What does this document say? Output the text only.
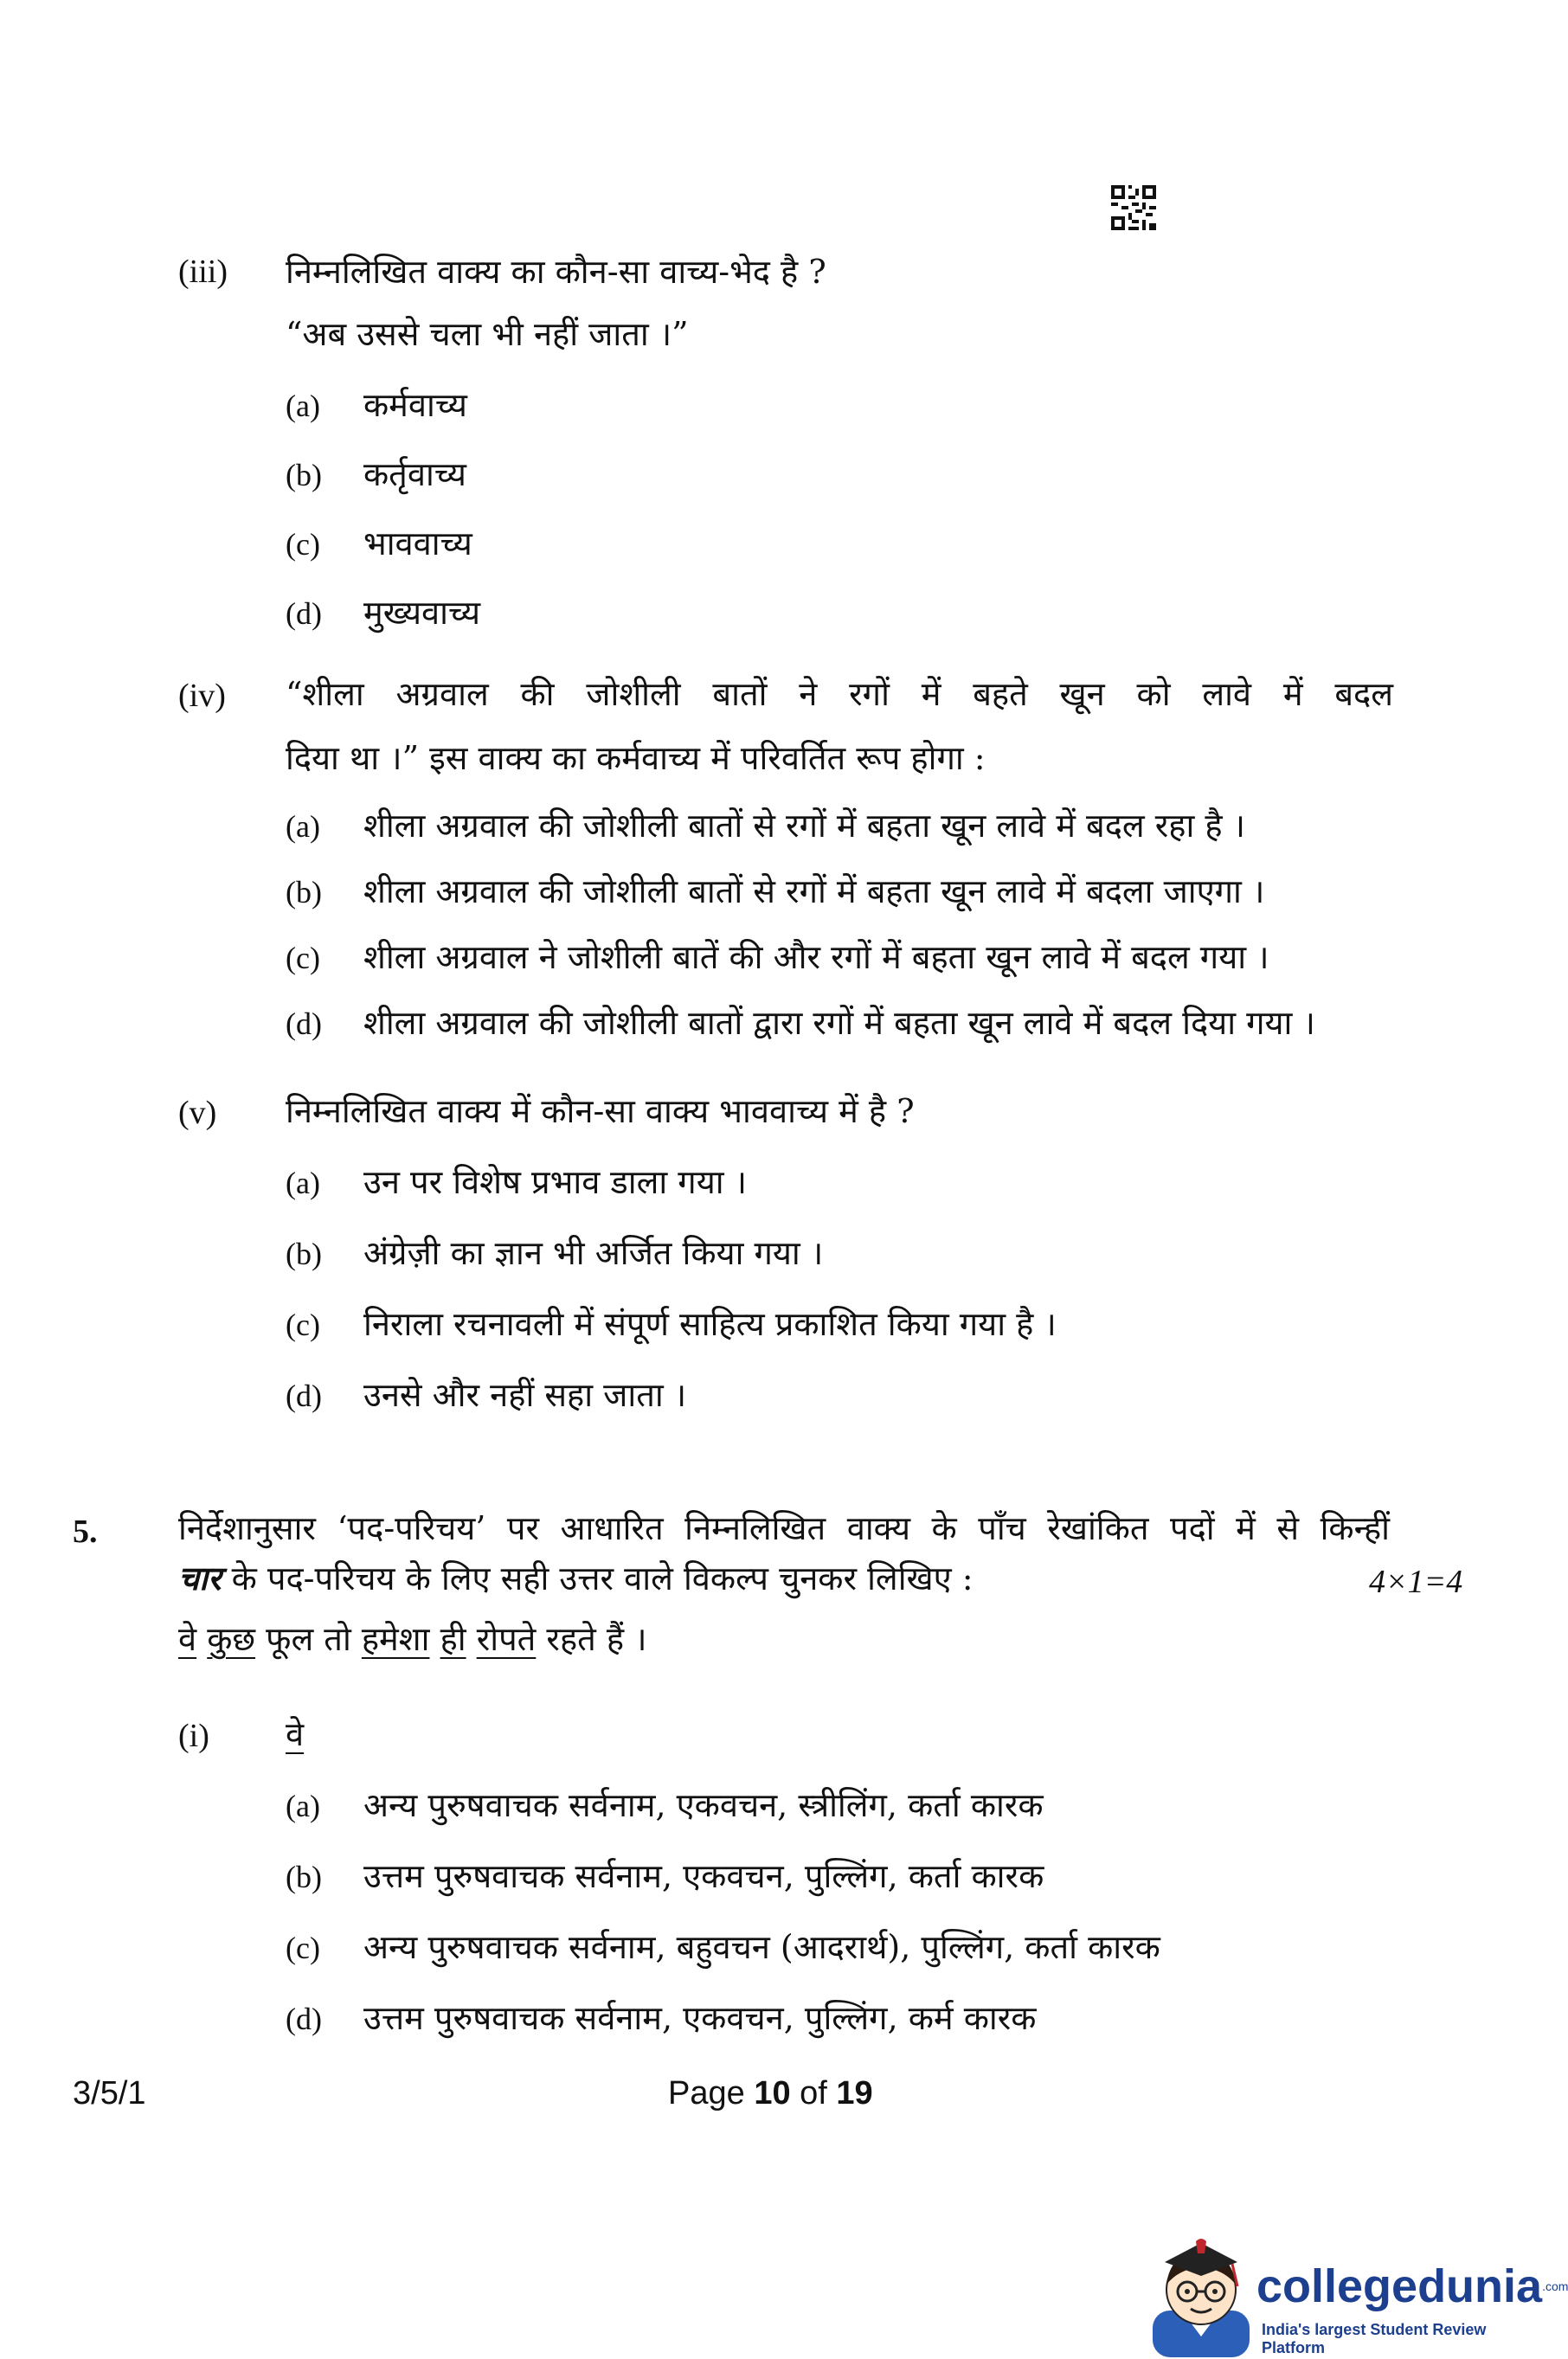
(iii) निम्नलिखित वाक्य का कौन-सा वाच्य-भेद है ?
“अब उससे चला भी नहीं जाता ।”
(a) कर्मवाच्य
(b) कर्तृवाच्य
(c) भाववाच्य
(d) मुख्यवाच्य
(iv) “शीला अग्रवाल की जोशीली बातों ने रगों में बहते खून को लावे में बदल
दिया था ।” इस वाक्य का कर्मवाच्य में परिवर्तित रूप होगा :
(a) शीला अग्रवाल की जोशीली बातों से रगों में बहता खून लावे में बदल रहा है ।
(b) शीला अग्रवाल की जोशीली बातों से रगों में बहता खून लावे में बदला जाएगा ।
(c) शीला अग्रवाल ने जोशीली बातें की और रगों में बहता खून लावे में बदल गया ।
(d) शीला अग्रवाल की जोशीली बातों द्वारा रगों में बहता खून लावे में बदल दिया गया ।
(v) निम्नलिखित वाक्य में कौन-सा वाक्य भाववाच्य में है ?
(a) उन पर विशेष प्रभाव डाला गया ।
(b) अंग्रेज़ी का ज्ञान भी अर्जित किया गया ।
(c) निराला रचनावली में संपूर्ण साहित्य प्रकाशित किया गया है ।
(d) उनसे और नहीं सहा जाता ।
5. निर्देशानुसार ‘पद-परिचय’ पर आधारित निम्नलिखित वाक्य के पाँच रेखांकित पदों में से किन्हीं
चार के पद-परिचय के लिए सही उत्तर वाले विकल्प चुनकर लिखिए :	4×1=4
वे कुछ फूल तो हमेशा ही रोपते रहते हैं ।
(i) वे
(a) अन्य पुरुषवाचक सर्वनाम, एकवचन, स्त्रीलिंग, कर्ता कारक
(b) उत्तम पुरुषवाचक सर्वनाम, एकवचन, पुल्लिंग, कर्ता कारक
(c) अन्य पुरुषवाचक सर्वनाम, बहुवचन (आदरार्थ), पुल्लिंग, कर्ता कारक
(d) उत्तम पुरुषवाचक सर्वनाम, एकवचन, पुल्लिंग, कर्म कारक
3/5/1	Page 10 of 19
collegedunia$^{.com}$
India's largest Student Review Platform
